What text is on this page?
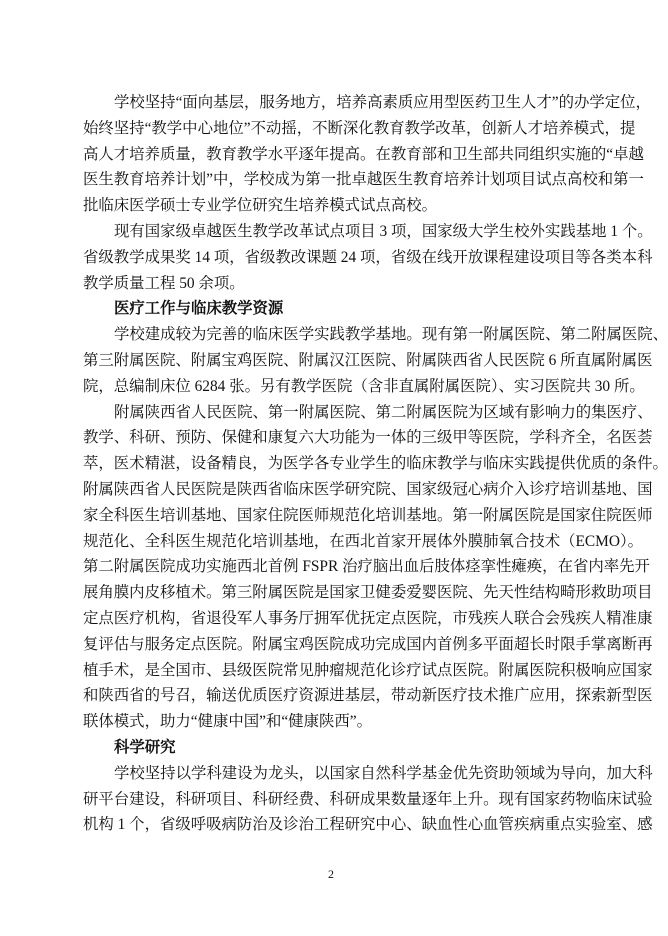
学校坚持“面向基层，服务地方，培养高素质应用型医药卫生人才”的办学定位，
始终坚持“教学中心地位”不动摇，不断深化教育教学改革，创新人才培养模式，提
高人才培养质量，教育教学水平逐年提高。在教育部和卫生部共同组织实施的“卓越
医生教育培养计划”中，学校成为第一批卓越医生教育培养计划项目试点高校和第一
批临床医学硕士专业学位研究生培养模式试点高校。
现有国家级卓越医生教学改革试点项目 3 项，国家级大学生校外实践基地 1 个。
省级教学成果奖 14 项，省级教改课题 24 项，省级在线开放课程建设项目等各类本科
教学质量工程 50 余项。
医疗工作与临床教学资源
学校建成较为完善的临床医学实践教学基地。现有第一附属医院、第二附属医院、
第三附属医院、附属宝鸡医院、附属汉江医院、附属陕西省人民医院 6 所直属附属医
院，总编制床位 6284 张。另有教学医院（含非直属附属医院）、实习医院共 30 所。
附属陕西省人民医院、第一附属医院、第二附属医院为区域有影响力的集医疗、
教学、科研、预防、保健和康复六大功能为一体的三级甲等医院，学科齐全，名医荟
萃，医术精湛，设备精良，为医学各专业学生的临床教学与临床实践提供优质的条件。
附属陕西省人民医院是陕西省临床医学研究院、国家级冠心病介入诊疗培训基地、国
家全科医生培训基地、国家住院医师规范化培训基地。第一附属医院是国家住院医师
规范化、全科医生规范化培训基地，在西北首家开展体外膜肺氧合技术（ECMO）。
第二附属医院成功实施西北首例 FSPR 治疗脑出血后肢体痉挛性瘫痪，在省内率先开
展角膜内皮移植术。第三附属医院是国家卫健委爱婴医院、先天性结构畸形救助项目
定点医疗机构，省退役军人事务厅拥军优抚定点医院，市残疾人联合会残疾人精准康
复评估与服务定点医院。附属宝鸡医院成功完成国内首例多平面超长时限手掌离断再
植手术，是全国市、县级医院常见肿瘤规范化诊疗试点医院。附属医院积极响应国家
和陕西省的号召，输送优质医疗资源进基层，带动新医疗技术推广应用，探索新型医
联体模式，助力“健康中国”和“健康陕西”。
科学研究
学校坚持以学科建设为龙头，以国家自然科学基金优先资助领域为导向，加大科
研平台建设，科研项目、科研经费、科研成果数量逐年上升。现有国家药物临床试验
机构 1 个，省级呼吸病防治及诊治工程研究中心、缺血性心血管疾病重点实验室、感
2
